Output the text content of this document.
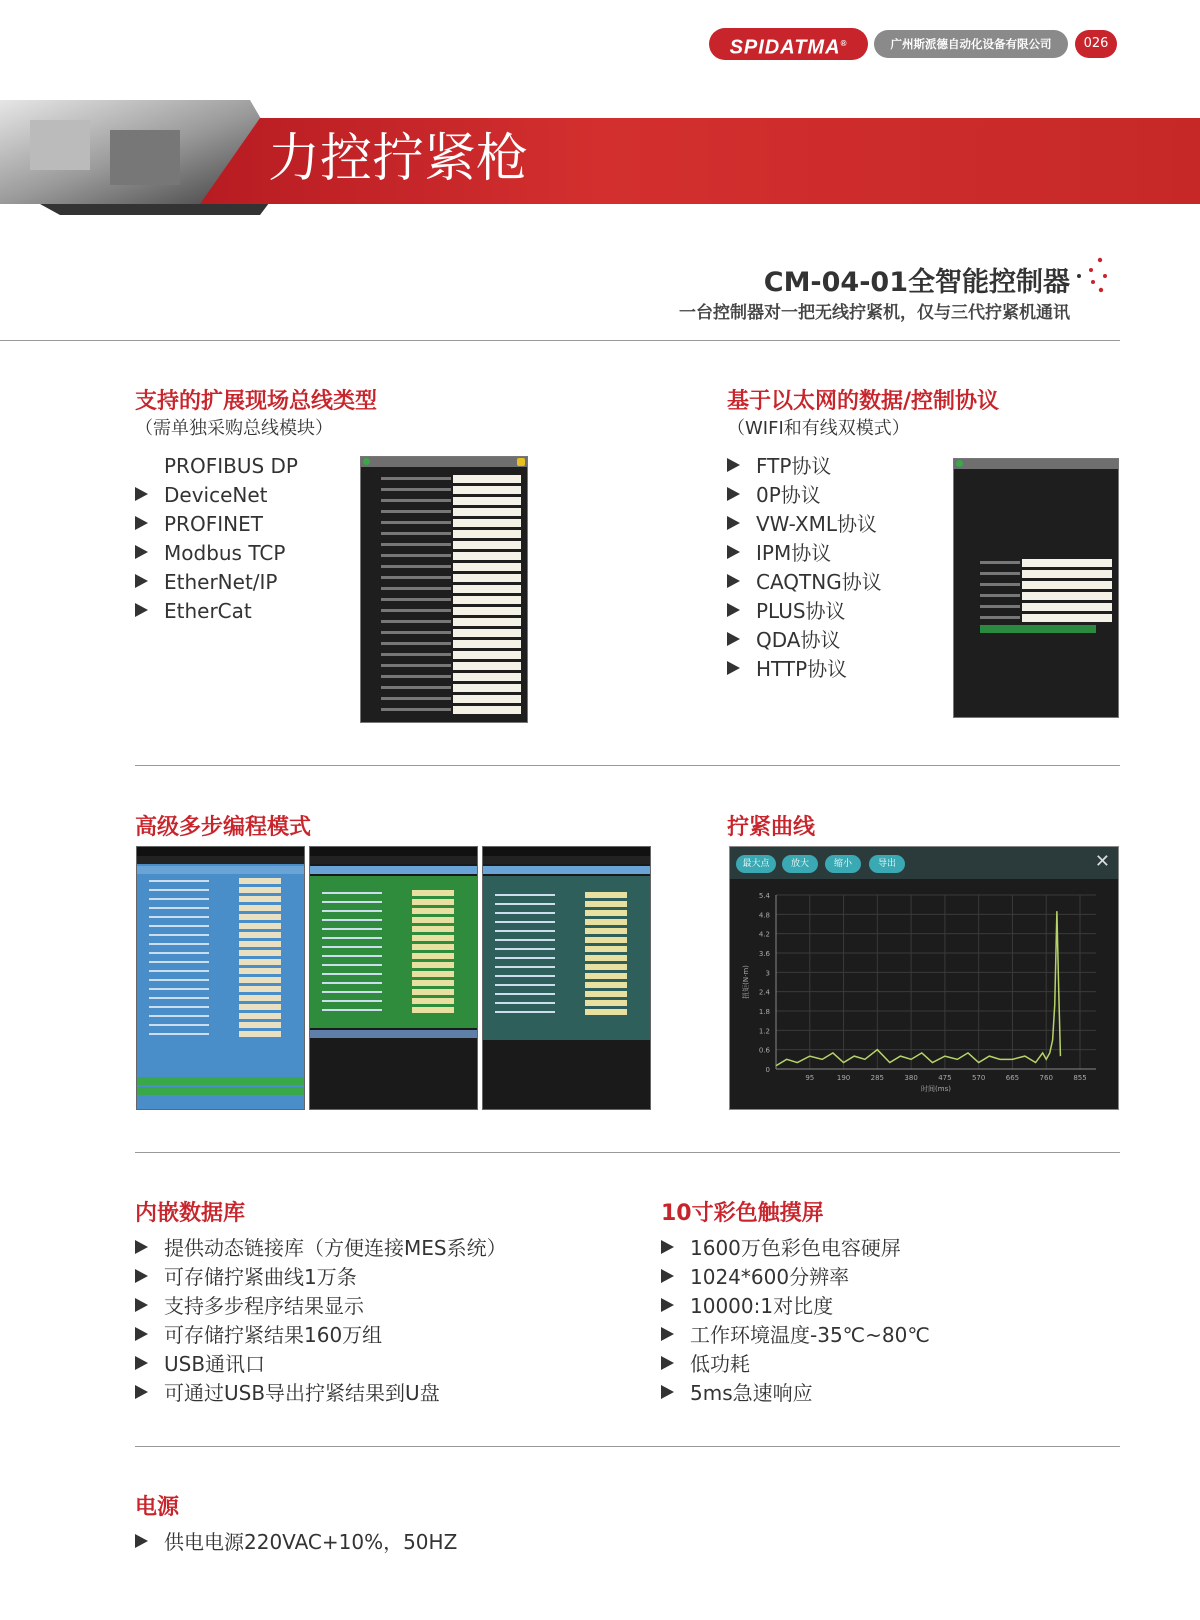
SPIDATMA®	广州斯派德自动化设备有限公司	026
力控拧紧枪
CM-04-01全智能控制器
一台控制器对一把无线拧紧机，仅与三代拧紧机通讯
支持的扩展现场总线类型
（需单独采购总线模块）
PROFIBUS DP
DeviceNet
PROFINET
Modbus TCP
EtherNet/IP
EtherCat
基于以太网的数据/控制协议
（WIFI和有线双模式）
FTP协议
0P协议
VW-XML协议
IPM协议
CAQTNG协议
PLUS协议
QDA协议
HTTP协议
高级多步编程模式	拧紧曲线
最大点	放大	缩小	导出	✕
0
0.6
1.2
1.8
2.4
3
3.6
4.2
4.8
5.4
95	190	285	380	475	570	665	760	855
时间(ms)
扭矩(N·m)
内嵌数据库
提供动态链接库（方便连接MES系统）
可存储拧紧曲线1万条
支持多步程序结果显示
可存储拧紧结果160万组
USB通讯口
可通过USB导出拧紧结果到U盘
10寸彩色触摸屏
1600万色彩色电容硬屏
1024*600分辨率
10000:1对比度
工作环境温度-35℃~80℃
低功耗
5ms急速响应
电源
供电电源220VAC+10%，50HZ
